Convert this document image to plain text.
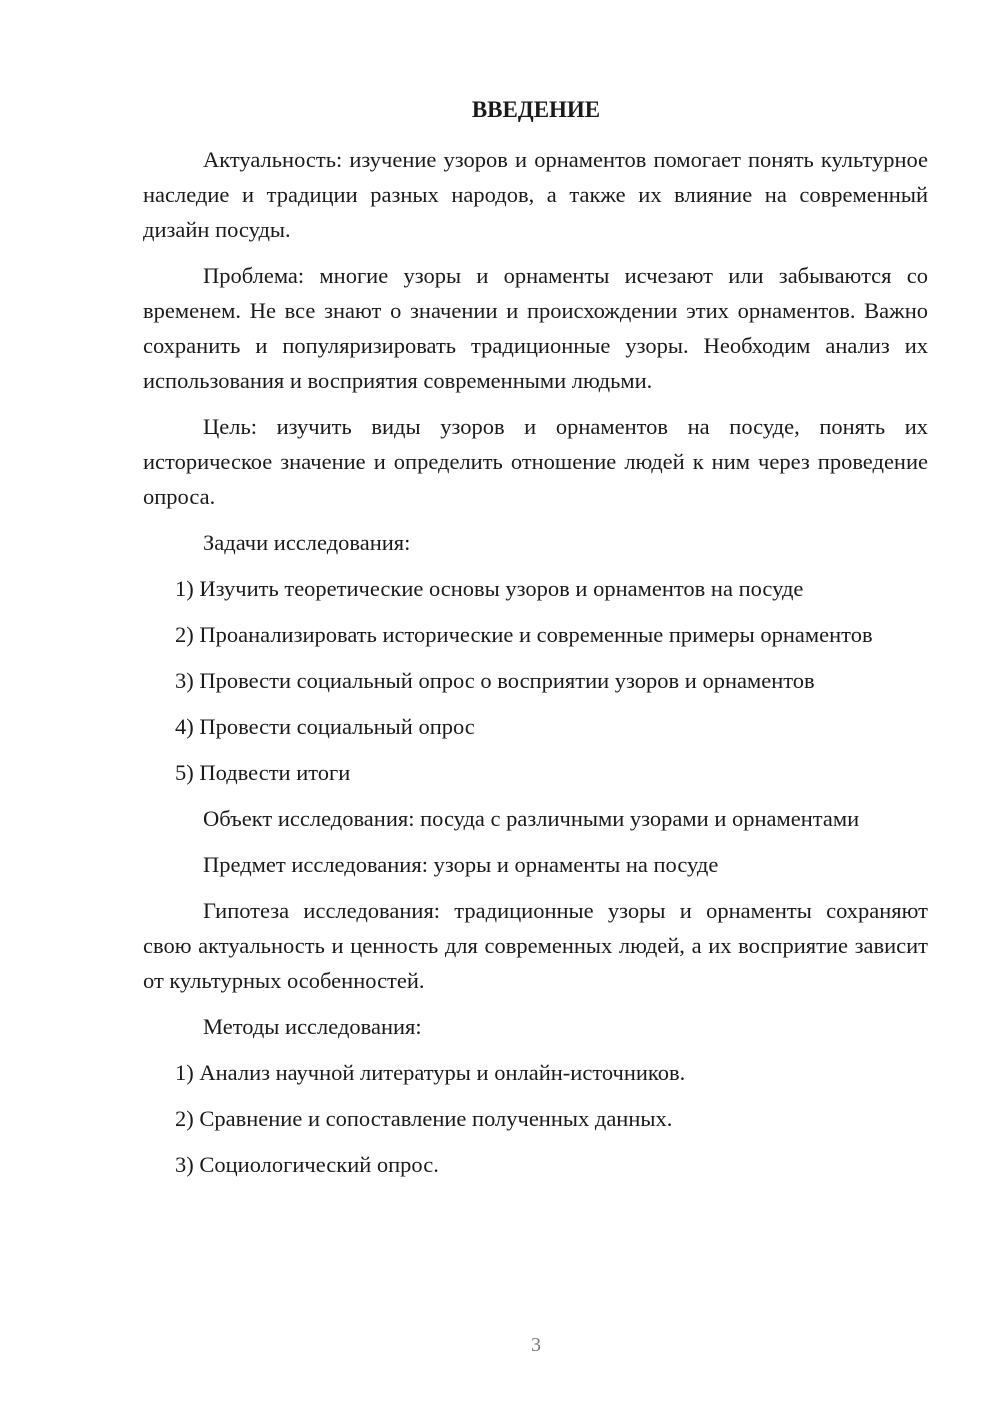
ВВЕДЕНИЕ

Актуальность: изучение узоров и орнаментов помогает понять культурное наследие и традиции разных народов, а также их влияние на современный дизайн посуды.

Проблема: многие узоры и орнаменты исчезают или забываются со временем. Не все знают о значении и происхождении этих орнаментов. Важно сохранить и популяризировать традиционные узоры. Необходим анализ их использования и восприятия современными людьми.

Цель: изучить виды узоров и орнаментов на посуде, понять их историческое значение и определить отношение людей к ним через проведение опроса.

Задачи исследования:

1) Изучить теоретические основы узоров и орнаментов на посуде

2) Проанализировать исторические и современные примеры орнаментов

3) Провести социальный опрос о восприятии узоров и орнаментов

4) Провести социальный опрос

5) Подвести итоги

Объект исследования: посуда с различными узорами и орнаментами

Предмет исследования: узоры и орнаменты на посуде

Гипотеза исследования: традиционные узоры и орнаменты сохраняют свою актуальность и ценность для современных людей, а их восприятие зависит от культурных особенностей.

Методы исследования:

1) Анализ научной литературы и онлайн-источников.

2) Сравнение и сопоставление полученных данных.

3) Социологический опрос.

3
